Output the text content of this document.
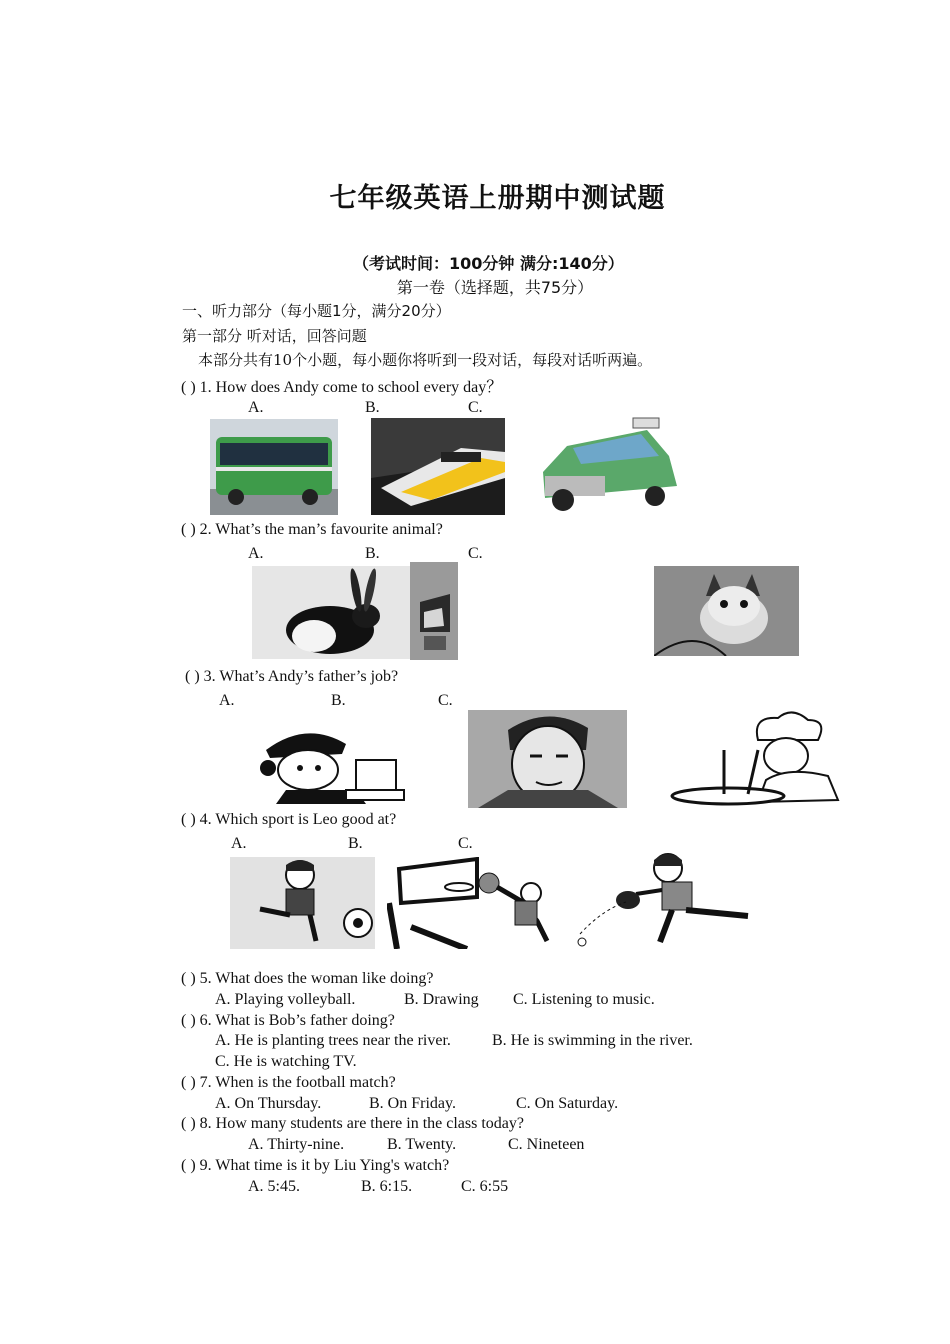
七年级英语上册期中测试题
（考试时间：100分钟 满分:140分）
第一卷（选择题，共75分）
一、听力部分（每小题1分，满分20分）
第一部分 听对话，回答问题
本部分共有10个小题，每小题你将听到一段对话，每段对话听两遍。
( ) 1. How does Andy come to school every day？
A.	B.	C.
( ) 2. What’s the man’s favourite animal?
A.	B.	C.
( ) 3. What’s Andy’s father’s job?
A.	B.	C.
( ) 4. Which sport is Leo good at?
A.	B.	C.
( ) 5. What does the woman like doing?
A. Playing volleyball.	B. Drawing C. Listening to music.
( ) 6. What is Bob’s father doing?
A. He is planting trees near the river.	B. He is swimming in the river.
C. He is watching TV.
( ) 7. When is the football match?
A. On Thursday.	B. On Friday.	C. On Saturday.
( ) 8. How many students are there in the class today?
A. Thirty-nine.	B. Twenty.	C. Nineteen
( ) 9. What time is it by Liu Ying's watch?
A. 5:45.	B. 6:15.	C. 6:55
